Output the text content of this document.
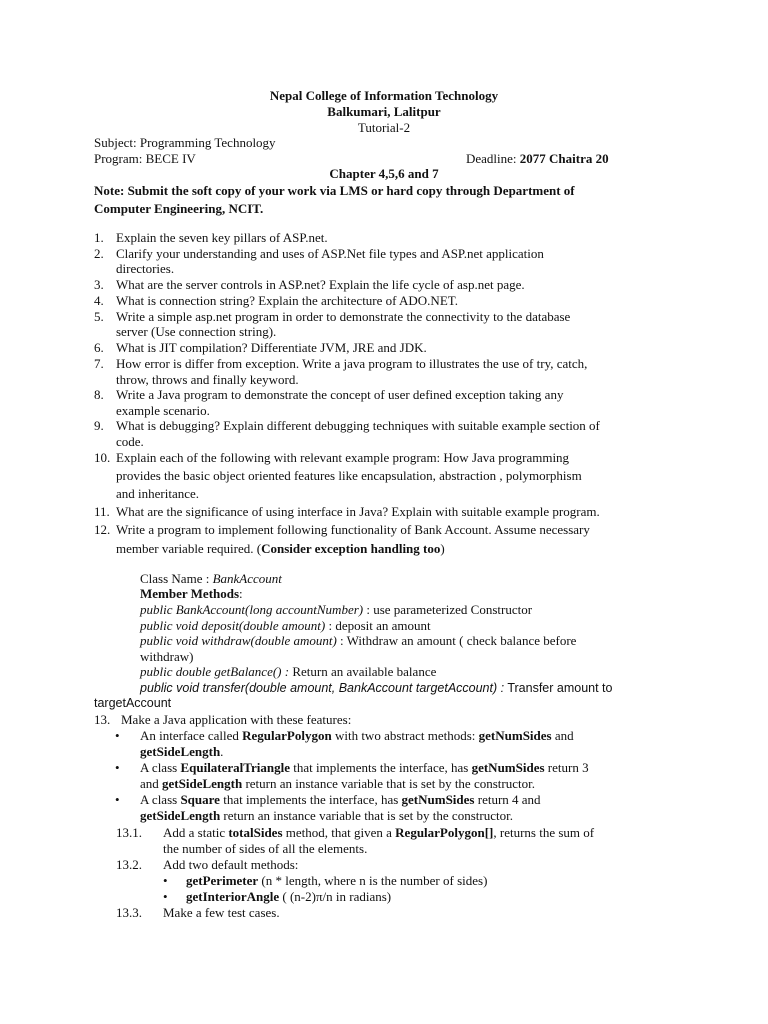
Nepal College of Information Technology
Balkumari, Lalitpur
Tutorial-2
Subject: Programming Technology
Program: BECE IV	Deadline: 2077 Chaitra 20
Chapter 4,5,6 and 7
Note: Submit the soft copy of your work via LMS or hard copy through Department of
Computer Engineering, NCIT.
1. Explain the seven key pillars of ASP.net.
2. Clarify your understanding and uses of ASP.Net file types and ASP.net application
directories.
3. What are the server controls in ASP.net? Explain the life cycle of asp.net page.
4. What is connection string? Explain the architecture of ADO.NET.
5. Write a simple asp.net program in order to demonstrate the connectivity to the database
server (Use connection string).
6. What is JIT compilation? Differentiate JVM, JRE and JDK.
7. How error is differ from exception. Write a java program to illustrates the use of try, catch,
throw, throws and finally keyword.
8. Write a Java program to demonstrate the concept of user defined exception taking any
example scenario.
9. What is debugging? Explain different debugging techniques with suitable example section of
code.
10. Explain each of the following with relevant example program: How Java programming
provides the basic object oriented features like encapsulation, abstraction , polymorphism
and inheritance.
11. What are the significance of using interface in Java? Explain with suitable example program.
12. Write a program to implement following functionality of Bank Account. Assume necessary
member variable required. (Consider exception handling too)
Class Name : BankAccount
Member Methods:
public BankAccount(long accountNumber) : use parameterized Constructor
public void deposit(double amount) : deposit an amount
public void withdraw(double amount) : Withdraw an amount ( check balance before
withdraw)
public double getBalance() : Return an available balance
public void transfer(double amount, BankAccount targetAccount) : Transfer amount to
targetAccount
13. Make a Java application with these features:
• An interface called RegularPolygon with two abstract methods: getNumSides and
getSideLength.
• A class EquilateralTriangle that implements the interface, has getNumSides return 3
and getSideLength return an instance variable that is set by the constructor.
• A class Square that implements the interface, has getNumSides return 4 and
getSideLength return an instance variable that is set by the constructor.
13.1. Add a static totalSides method, that given a RegularPolygon[], returns the sum of
the number of sides of all the elements.
13.2. Add two default methods:
• getPerimeter (n * length, where n is the number of sides)
• getInteriorAngle ( (n-2)π/n in radians)
13.3. Make a few test cases.
